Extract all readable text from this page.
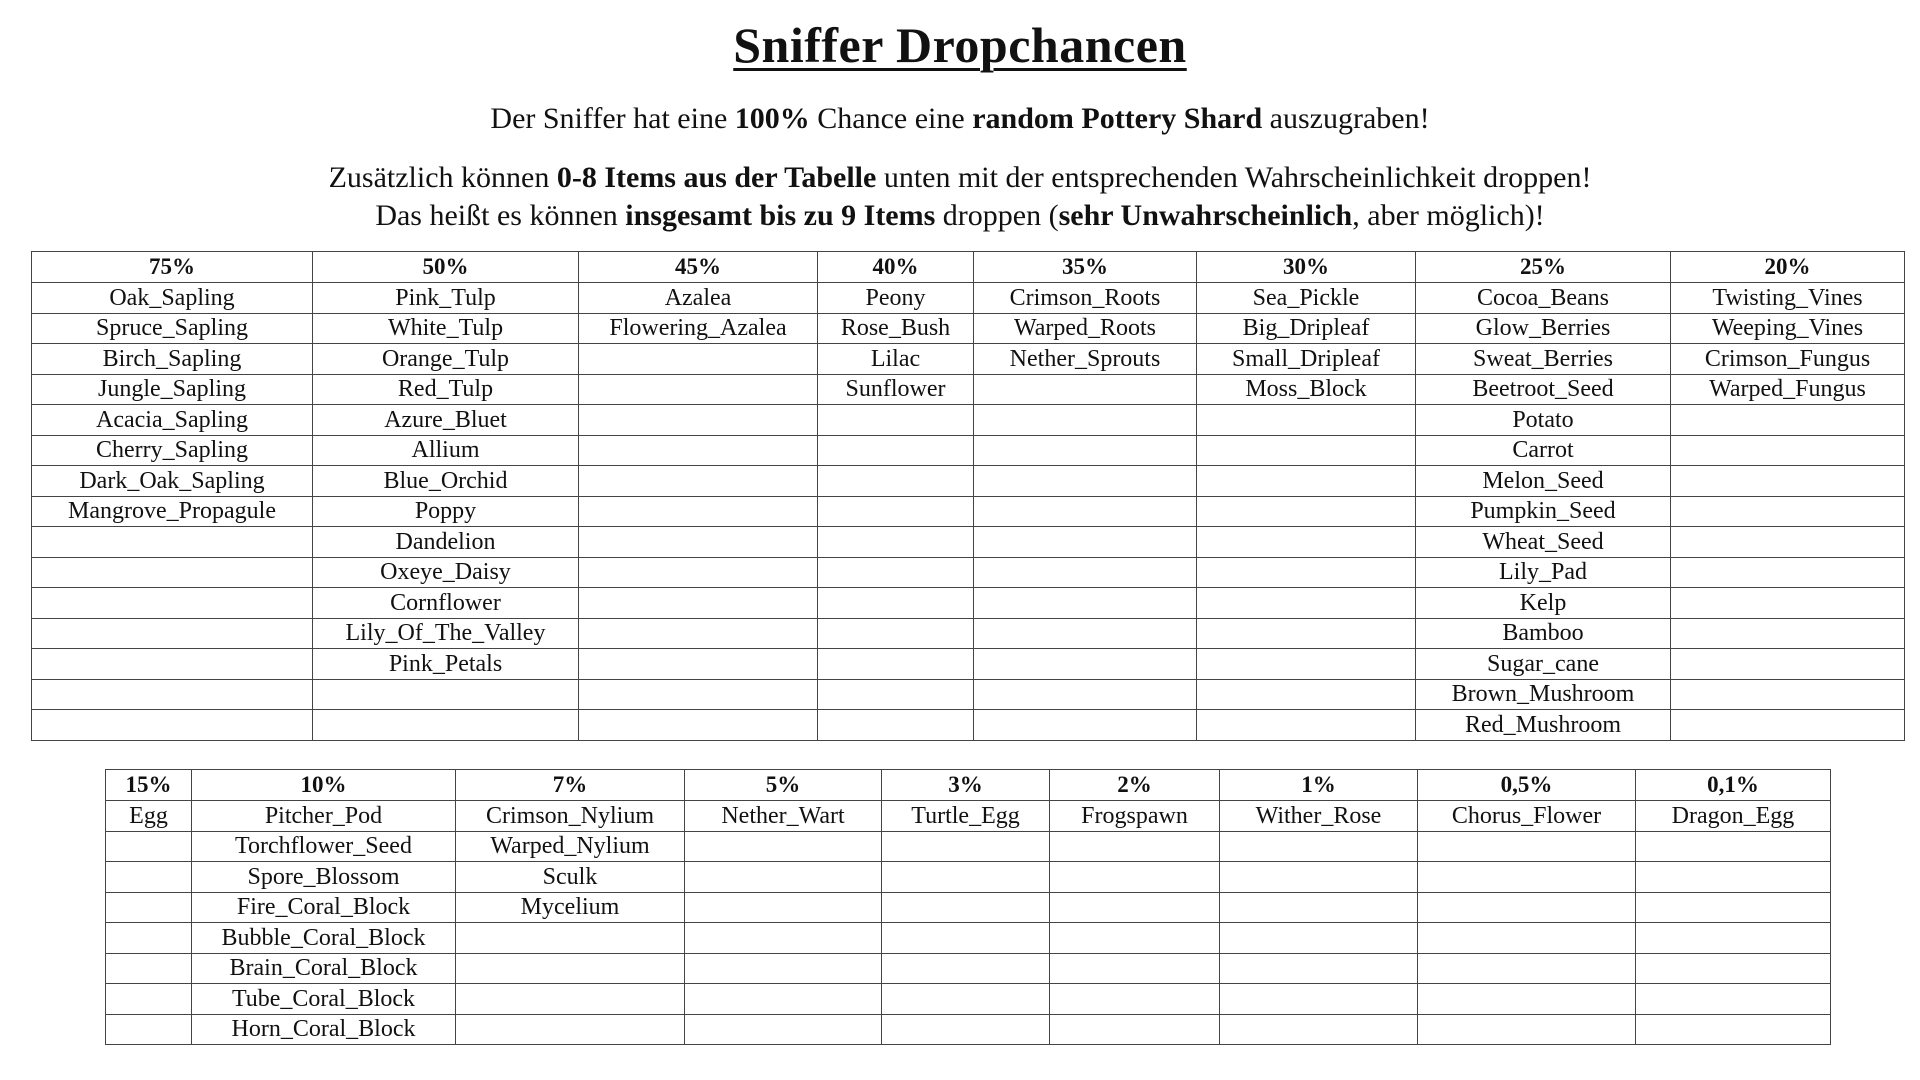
Sniffer Dropchancen
Der Sniffer hat eine 100% Chance eine random Pottery Shard auszugraben!
Zusätzlich können 0-8 Items aus der Tabelle unten mit der entsprechenden Wahrscheinlichkeit droppen!
Das heißt es können insgesamt bis zu 9 Items droppen (sehr Unwahrscheinlich, aber möglich)!
75%	50%	45%	40%	35%	30%	25%	20%
Oak_Sapling	Pink_Tulp	Azalea	Peony	Crimson_Roots	Sea_Pickle	Cocoa_Beans	Twisting_Vines
Spruce_Sapling	White_Tulp	Flowering_Azalea	Rose_Bush	Warped_Roots	Big_Dripleaf	Glow_Berries	Weeping_Vines
Birch_Sapling	Orange_Tulp		Lilac	Nether_Sprouts	Small_Dripleaf	Sweat_Berries	Crimson_Fungus
Jungle_Sapling	Red_Tulp		Sunflower		Moss_Block	Beetroot_Seed	Warped_Fungus
Acacia_Sapling	Azure_Bluet					Potato	
Cherry_Sapling	Allium					Carrot	
Dark_Oak_Sapling	Blue_Orchid					Melon_Seed	
Mangrove_Propagule	Poppy					Pumpkin_Seed	
	Dandelion					Wheat_Seed	
	Oxeye_Daisy					Lily_Pad	
	Cornflower					Kelp	
	Lily_Of_The_Valley					Bamboo	
	Pink_Petals					Sugar_cane	
						Brown_Mushroom	
						Red_Mushroom	
15%	10%	7%	5%	3%	2%	1%	0,5%	0,1%
Egg	Pitcher_Pod	Crimson_Nylium	Nether_Wart	Turtle_Egg	Frogspawn	Wither_Rose	Chorus_Flower	Dragon_Egg
	Torchflower_Seed	Warped_Nylium						
	Spore_Blossom	Sculk						
	Fire_Coral_Block	Mycelium						
	Bubble_Coral_Block							
	Brain_Coral_Block							
	Tube_Coral_Block							
	Horn_Coral_Block							
